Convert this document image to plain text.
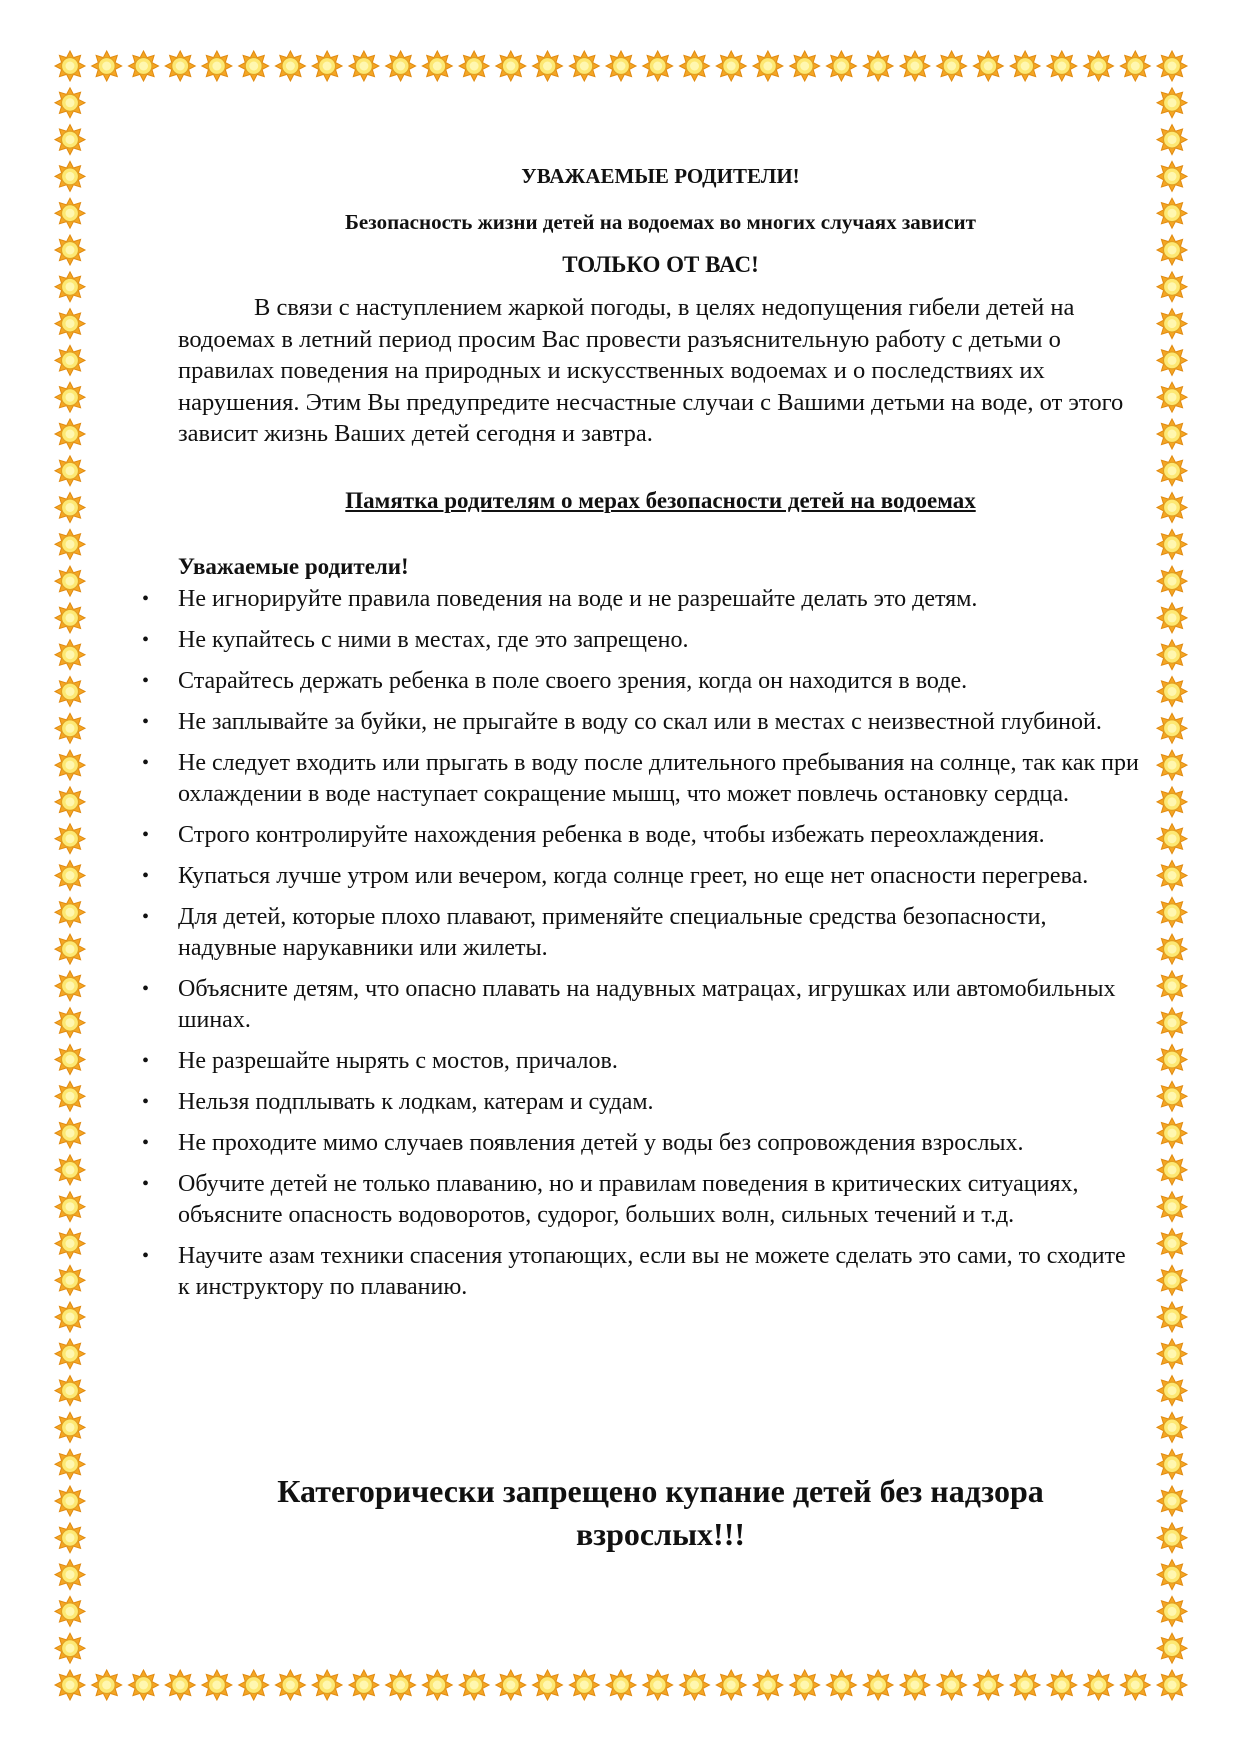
УВАЖАЕМЫЕ РОДИТЕЛИ!

Безопасность жизни детей на водоемах во многих случаях зависит

ТОЛЬКО ОТ ВАС!

В связи с наступлением жаркой погоды, в целях недопущения гибели детей на водоемах в летний период просим Вас провести разъяснительную работу с детьми о правилах поведения на природных и искусственных водоемах и о последствиях их нарушения. Этим Вы предупредите несчастные случаи с Вашими детьми на воде, от этого зависит жизнь Ваших детей сегодня и завтра.

Памятка родителям о мерах безопасности детей на водоемах

Уважаемые родители!

• Не игнорируйте правила поведения на воде и не разрешайте делать это детям.
• Не купайтесь с ними в местах, где это запрещено.
• Старайтесь держать ребенка в поле своего зрения, когда он находится в воде.
• Не заплывайте за буйки, не прыгайте в воду со скал или в местах с неизвестной глубиной.
• Не следует входить или прыгать в воду после длительного пребывания на солнце, так как при охлаждении в воде наступает сокращение мышц, что может повлечь остановку сердца.
• Строго контролируйте нахождения ребенка в воде, чтобы избежать переохлаждения.
• Купаться лучше утром или вечером, когда солнце греет, но еще нет опасности перегрева.
• Для детей, которые плохо плавают, применяйте специальные средства безопасности, надувные нарукавники или жилеты.
• Объясните детям, что опасно плавать на надувных матрацах, игрушках или автомобильных шинах.
• Не разрешайте нырять с мостов, причалов.
• Нельзя подплывать к лодкам, катерам и судам.
• Не проходите мимо случаев появления детей у воды без сопровождения взрослых.
• Обучите детей не только плаванию, но и правилам поведения в критических ситуациях, объясните опасность водоворотов, судорог, больших волн, сильных течений и т.д.
• Научите азам техники спасения утопающих, если вы не можете сделать это сами, то сходите к инструктору по плаванию.

Категорически запрещено купание детей без надзора
взрослых!!!
